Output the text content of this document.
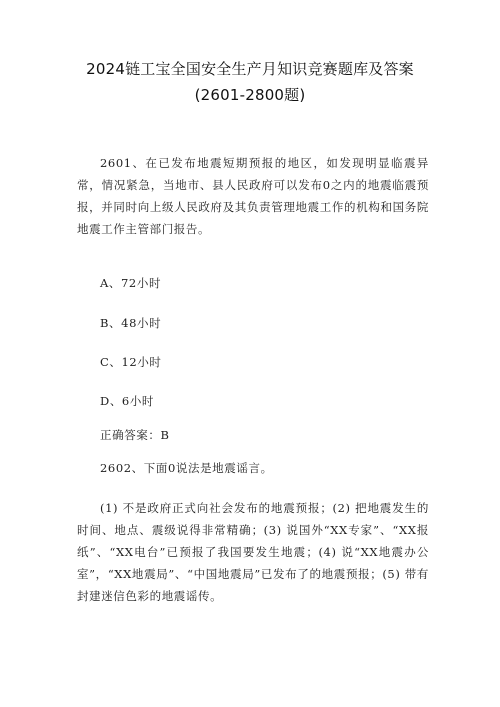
2024链工宝全国安全生产月知识竞赛题库及答案
(2601-2800题)
2601、在已发布地震短期预报的地区，如发现明显临震异常，情况紧急，当地市、县人民政府可以发布0之内的地震临震预报，并同时向上级人民政府及其负责管理地震工作的机构和国务院地震工作主管部门报告。
A、72小时
B、48小时
C、12小时
D、6小时
正确答案：B
2602、下面0说法是地震谣言。
(1) 不是政府正式向社会发布的地震预报；(2) 把地震发生的时间、地点、震级说得非常精确；(3) 说国外“XX专家”、“XX报纸”、“XX电台”已预报了我国要发生地震；(4) 说“XX地震办公室”，“XX地震局”、“中国地震局”已发布了的地震预报；(5) 带有封建迷信色彩的地震谣传。
